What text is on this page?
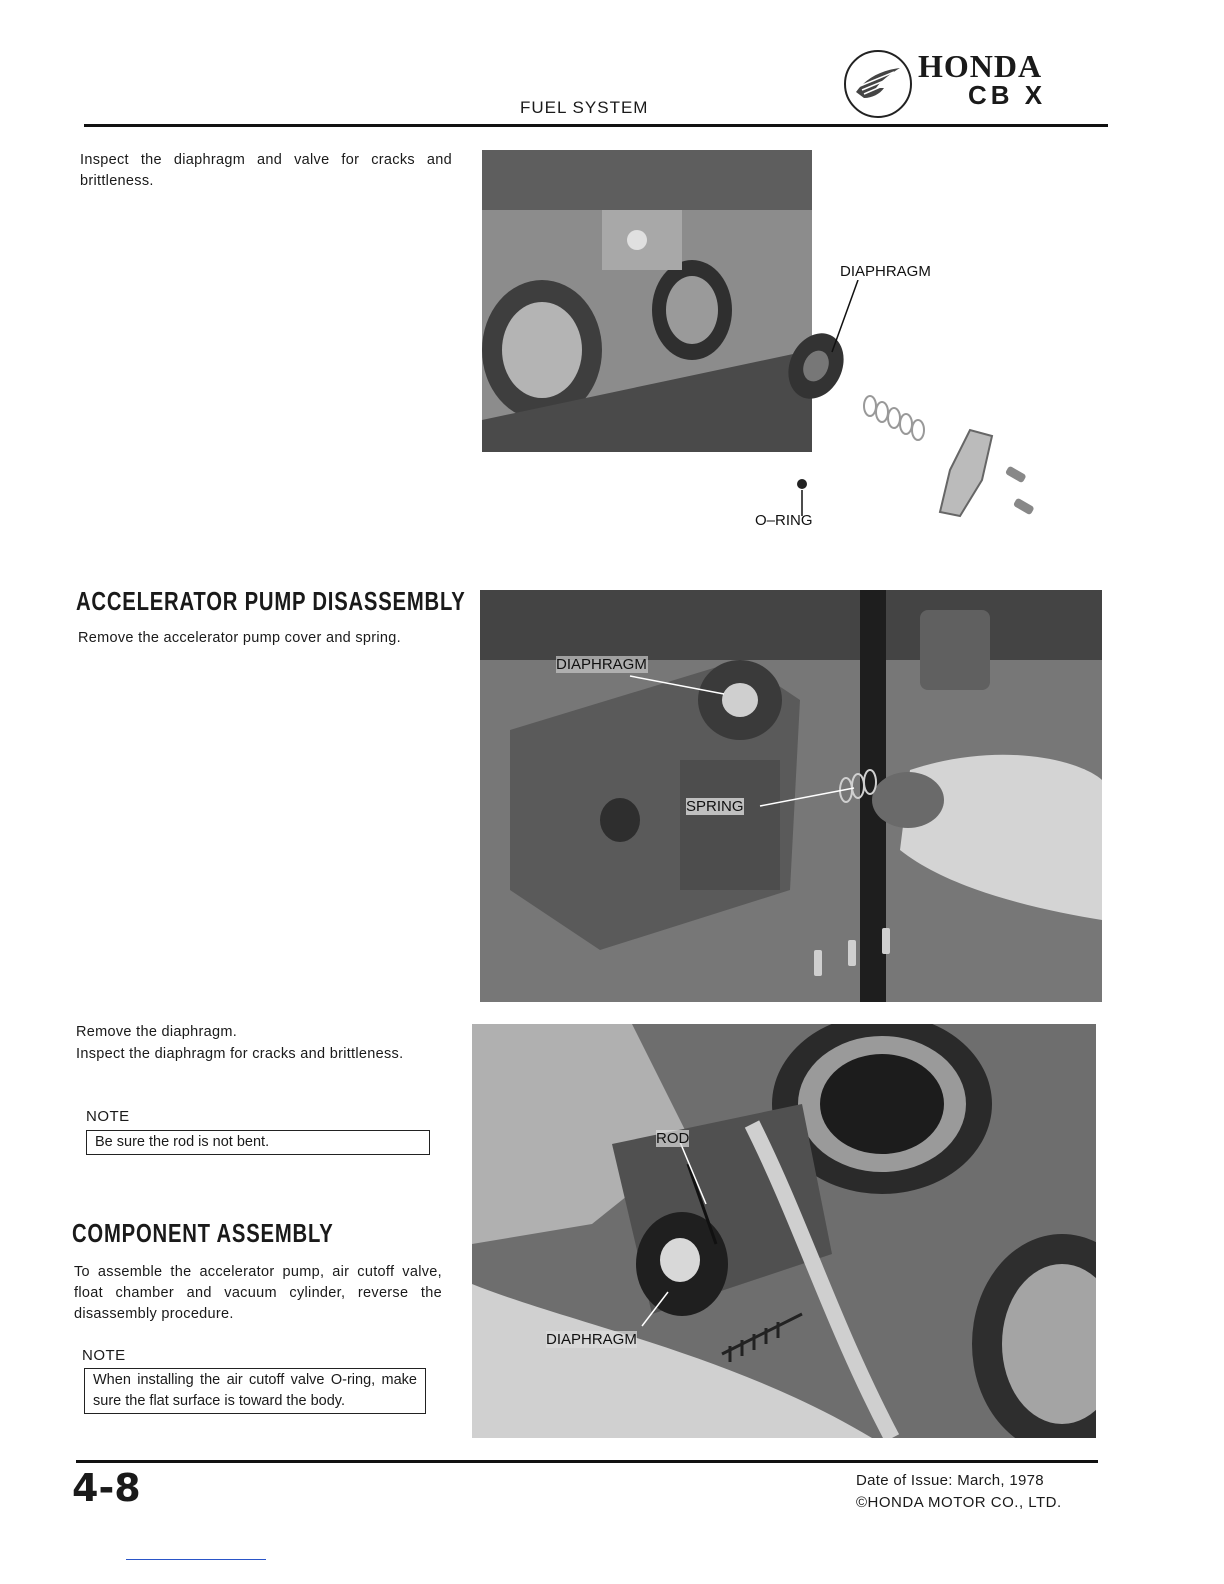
FUEL SYSTEM
HONDA
CB X
Inspect the diaphragm and valve for cracks and brittleness.
DIAPHRAGM
O–RING
ACCELERATOR PUMP DISASSEMBLY
Remove the accelerator pump cover and spring.
DIAPHRAGM
SPRING
Remove the diaphragm.
Inspect the diaphragm for cracks and brittleness.
NOTE
Be sure the rod is not bent.	ROD
DIAPHRAGM
COMPONENT ASSEMBLY
To assemble the accelerator pump, air cutoff valve, float chamber and vacuum cylinder, reverse the disassembly procedure.
NOTE
When installing the air cutoff valve O-ring, make sure the flat surface is toward the body.
4-8	Date of Issue: March, 1978
©HONDA MOTOR CO., LTD.
